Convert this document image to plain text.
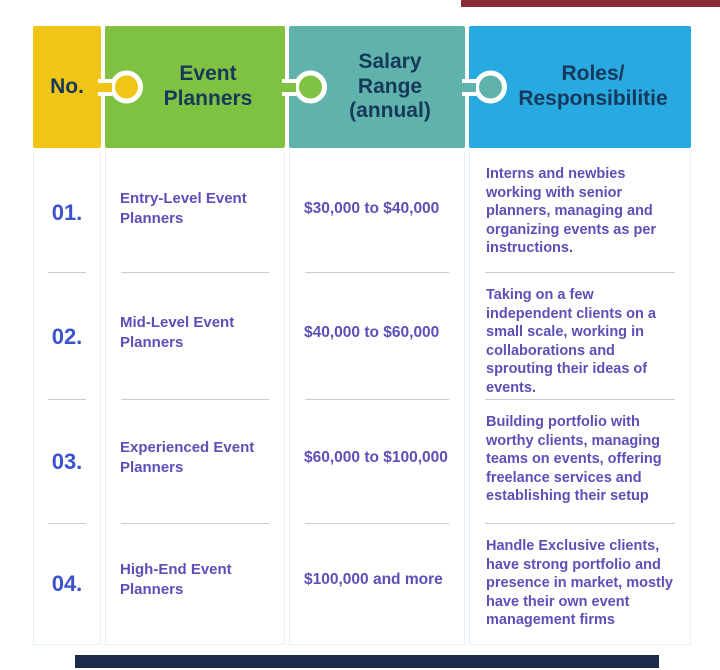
No.
Event Planners
Salary Range (annual)
Roles/ Responsibilitie
01.
Entry-Level Event Planners
$30,000 to $40,000
Interns and newbies working with senior planners, managing and organizing events as per instructions.
02.
Mid-Level Event Planners
$40,000 to $60,000
Taking on a few independent clients on a small scale, working in collaborations and sprouting their ideas of events.
03.
Experienced Event Planners
$60,000 to $100,000
Building portfolio with worthy clients, managing teams on events, offering freelance services and establishing their setup
04.
High-End Event Planners
$100,000 and more
Handle Exclusive clients, have strong portfolio and presence in market, mostly have their own event management firms
